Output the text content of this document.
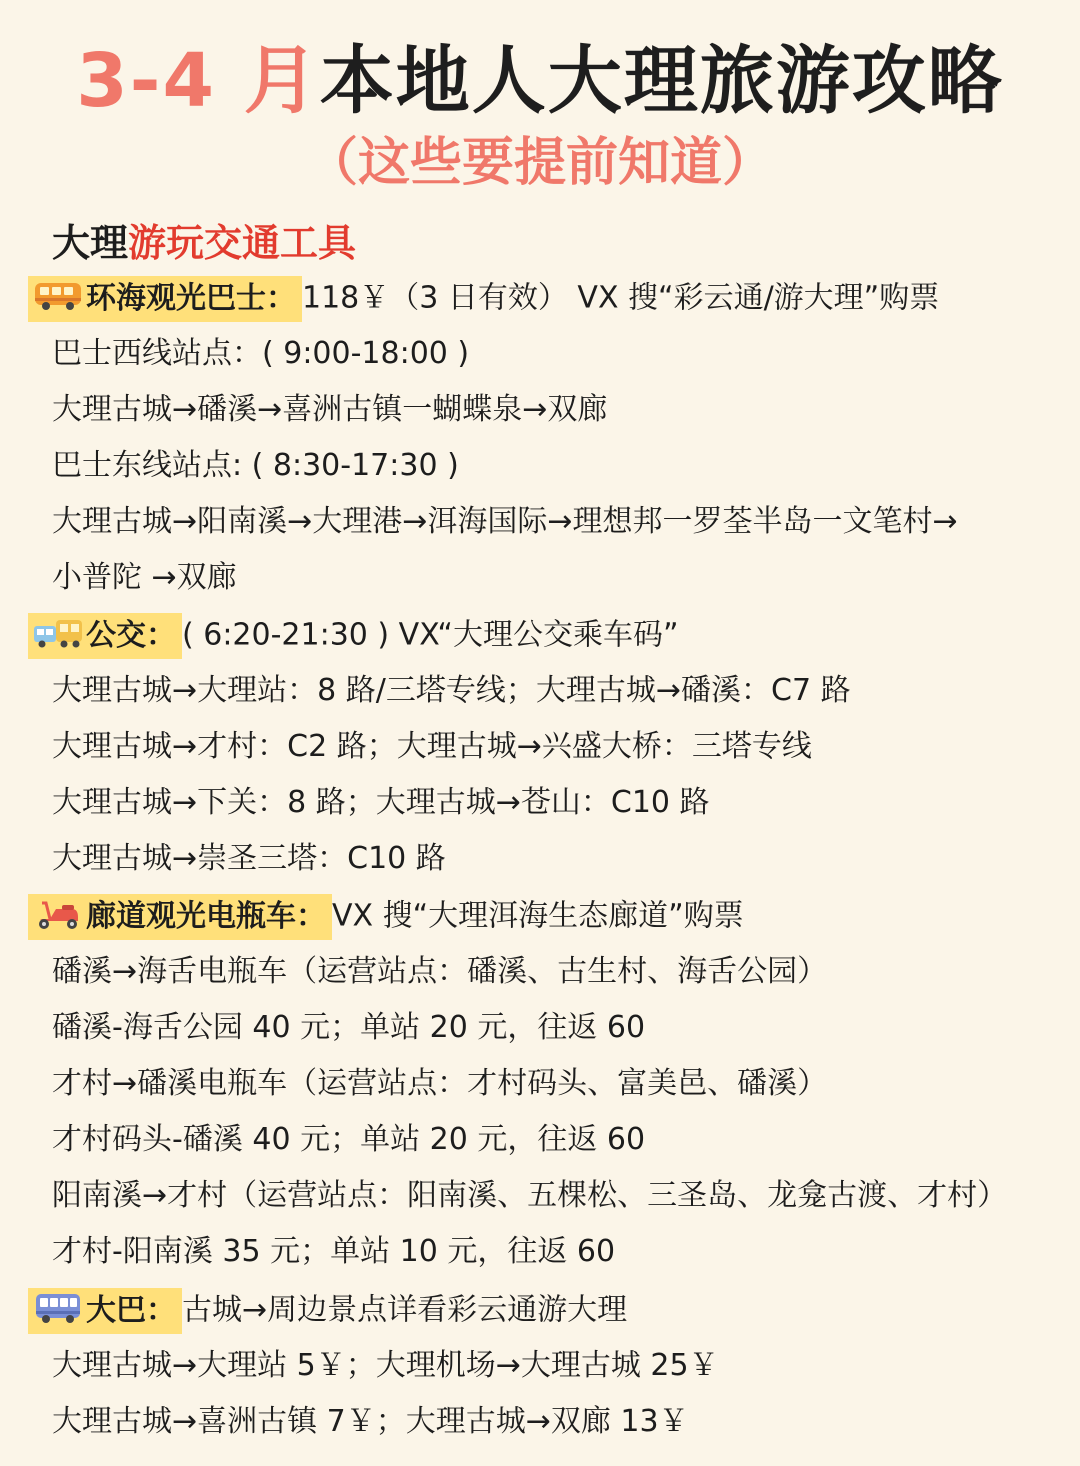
3-4 月本地人大理旅游攻略
（这些要提前知道）
大理游玩交通工具
环海观光巴士： 118￥（3 日有效） VX 搜“彩云通/游大理”购票
巴士西线站点：( 9:00-18:00 )
大理古城→磻溪→喜洲古镇一蝴蝶泉→双廊
巴士东线站点: ( 8:30-17:30 )
大理古城→阳南溪→大理港→洱海国际→理想邦一罗荃半岛一文笔村→
小普陀 →双廊
公交： ( 6:20-21:30 ) VX“大理公交乘车码”
大理古城→大理站：8 路/三塔专线；大理古城→磻溪：C7 路
大理古城→才村：C2 路；大理古城→兴盛大桥：三塔专线
大理古城→下关：8 路；大理古城→苍山：C10 路
大理古城→崇圣三塔：C10 路
廊道观光电瓶车： VX 搜“大理洱海生态廊道”购票
磻溪→海舌电瓶车（运营站点：磻溪、古生村、海舌公园）
磻溪-海舌公园 40 元；单站 20 元，往返 60
才村→磻溪电瓶车（运营站点：才村码头、富美邑、磻溪）
才村码头-磻溪 40 元；单站 20 元，往返 60
阳南溪→才村（运营站点：阳南溪、五棵松、三圣岛、龙龛古渡、才村）
才村-阳南溪 35 元；单站 10 元，往返 60
大巴： 古城→周边景点详看彩云通游大理
大理古城→大理站 5￥；大理机场→大理古城 25￥
大理古城→喜洲古镇 7￥；大理古城→双廊 13￥
